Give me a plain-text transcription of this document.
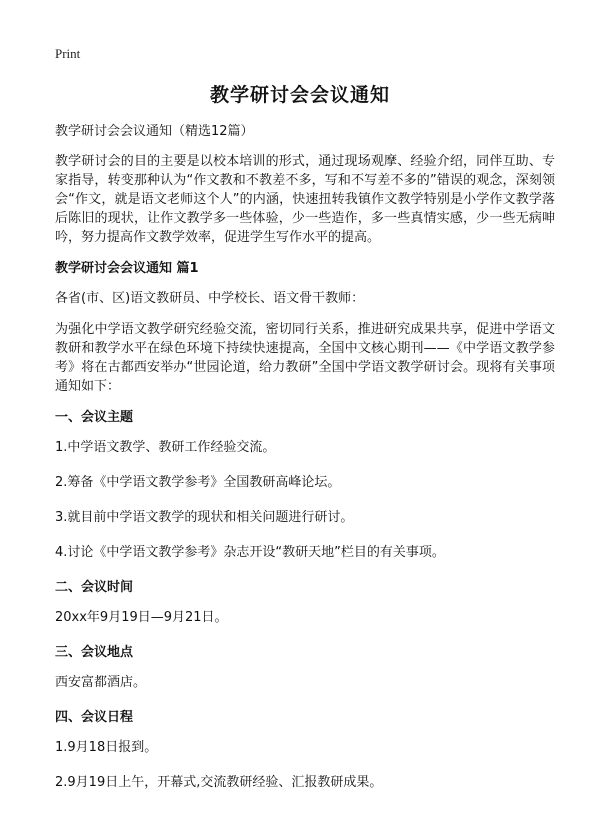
Print
教学研讨会会议通知

教学研讨会会议通知（精选12篇）

教学研讨会的目的主要是以校本培训的形式，通过现场观摩、经验介绍，同伴互助、专家指导，转变那种认为“作文教和不教差不多，写和不写差不多的”错误的观念，深刻领会“作文，就是语文老师这个人”的内涵，快速扭转我镇作文教学特别是小学作文教学落后陈旧的现状，让作文教学多一些体验，少一些造作，多一些真情实感，少一些无病呻吟，努力提高作文教学效率，促进学生写作水平的提高。

教学研讨会会议通知 篇1

各省(市、区)语文教研员、中学校长、语文骨干教师：

为强化中学语文教学研究经验交流，密切同行关系，推进研究成果共享，促进中学语文教研和教学水平在绿色环境下持续快速提高，全国中文核心期刊——《中学语文教学参考》将在古都西安举办“世园论道，给力教研”全国中学语文教学研讨会。现将有关事项通知如下：

一、会议主题

1.中学语文教学、教研工作经验交流。

2.筹备《中学语文教学参考》全国教研高峰论坛。

3.就目前中学语文教学的现状和相关问题进行研讨。

4.讨论《中学语文教学参考》杂志开设“教研天地”栏目的有关事项。

二、会议时间

20xx年9月19日—9月21日。

三、会议地点

西安富都酒店。

四、会议日程

1.9月18日报到。

2.9月19日上午，开幕式,交流教研经验、汇报教研成果。
